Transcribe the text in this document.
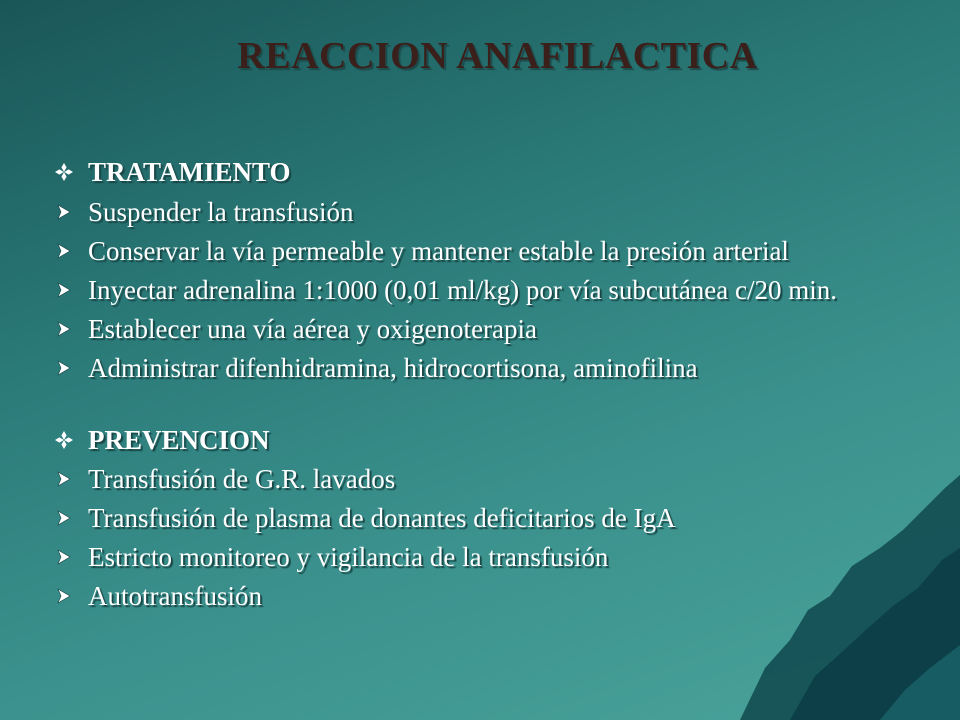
REACCION ANAFILACTICA
TRATAMIENTO
Suspender la transfusión
Conservar la vía permeable y mantener estable la presión arterial
Inyectar adrenalina 1:1000 (0,01 ml/kg) por vía subcutánea c/20 min.
Establecer una vía aérea y oxigenoterapia
Administrar difenhidramina, hidrocortisona, aminofilina
PREVENCION
Transfusión de G.R. lavados
Transfusión de plasma de donantes deficitarios de IgA
Estricto monitoreo y vigilancia de la transfusión
Autotransfusión
